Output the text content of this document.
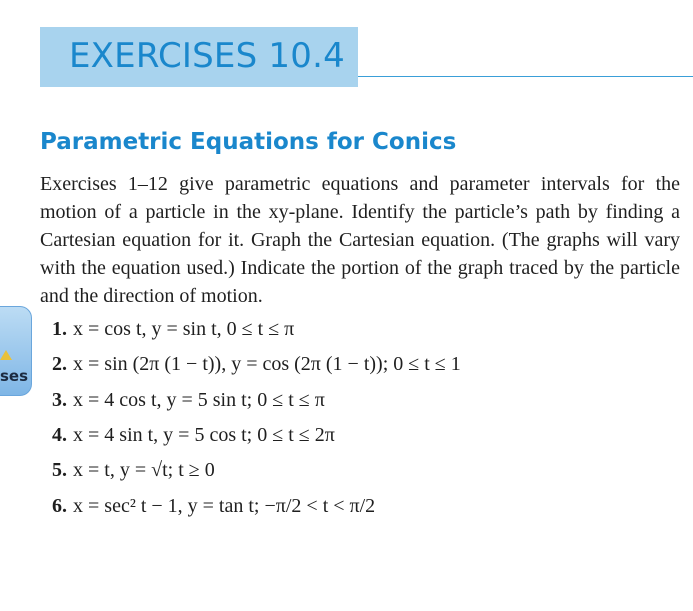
EXERCISES 10.4
Parametric Equations for Conics

Exercises 1–12 give parametric equations and parameter intervals for the motion of a particle in the xy-plane. Identify the particle’s path by finding a Cartesian equation for it. Graph the Cartesian equation. (The graphs will vary with the equation used.) Indicate the portion of the graph traced by the particle and the direction of motion.

ses
1. x = cos t, y = sin t, 0 ≤ t ≤ π
2. x = sin (2π (1 − t)), y = cos (2π (1 − t)); 0 ≤ t ≤ 1
3. x = 4 cos t, y = 5 sin t; 0 ≤ t ≤ π
4. x = 4 sin t, y = 5 cos t; 0 ≤ t ≤ 2π
5. x = t, y = √t; t ≥ 0
6. x = sec² t − 1, y = tan t; −π/2 < t < π/2
